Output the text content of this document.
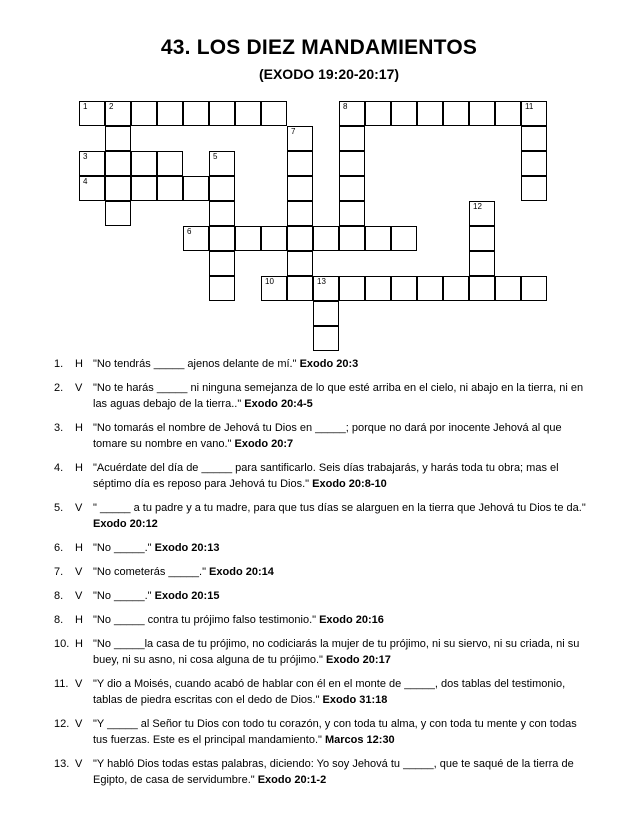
43. LOS DIEZ MANDAMIENTOS
(EXODO 19:20-20:17)
1	2
3
4
5
6
7
8	11
10	13
12
1.	H "No tendrás _____ ajenos delante de mí." Exodo 20:3
2.	V "No te harás _____ ni ninguna semejanza de lo que esté arriba en el cielo, ni abajo en la tierra, ni en las aguas debajo de la tierra.." Exodo 20:4-5
3.	H "No tomarás el nombre de Jehová tu Dios en _____; porque no dará por inocente Jehová al que tomare su nombre en vano." Exodo 20:7
4.	H "Acuérdate del día de _____ para santificarlo. Seis días trabajarás, y harás toda tu obra; mas el séptimo día es reposo para Jehová tu Dios." Exodo 20:8-10
5.	V " _____ a tu padre y a tu madre, para que tus días se alarguen en la tierra que Jehová tu Dios te da." Exodo 20:12
6.	H "No _____." Exodo 20:13
7.	V "No cometerás _____." Exodo 20:14
8.	V "No _____." Exodo 20:15
8.	H "No _____ contra tu prójimo falso testimonio." Exodo 20:16
10. H "No _____la casa de tu prójimo, no codiciarás la mujer de tu prójimo, ni su siervo, ni su criada, ni su buey, ni su asno, ni cosa alguna de tu prójimo." Exodo 20:17
11. V "Y dio a Moisés, cuando acabó de hablar con él en el monte de _____, dos tablas del testimonio, tablas de piedra escritas con el dedo de Dios." Exodo 31:18
12. V "Y _____ al Señor tu Dios con todo tu corazón, y con toda tu alma, y con toda tu mente y con todas tus fuerzas. Este es el principal mandamiento." Marcos 12:30
13. V "Y habló Dios todas estas palabras, diciendo: Yo soy Jehová tu _____, que te saqué de la tierra de Egipto, de casa de servidumbre." Exodo 20:1-2
